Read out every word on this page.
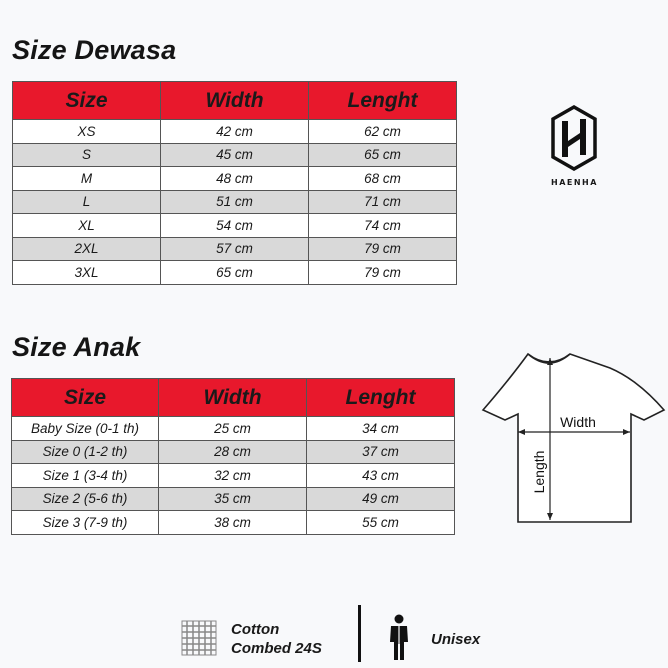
Size Dewasa
Size	Width	Lenght
XS	42 cm	62 cm
S	45 cm	65 cm
M	48 cm	68 cm
L	51 cm	71 cm
XL	54 cm	74 cm
2XL	57 cm	79 cm
3XL	65 cm	79 cm
HAENHA
Size Anak
Size	Width	Lenght
Baby Size (0-1 th)	25 cm	34 cm
Size 0 (1-2 th)	28 cm	37 cm
Size 1 (3-4 th)	32 cm	43 cm
Size 2 (5-6 th)	35 cm	49 cm
Size 3 (7-9 th)	38 cm	55 cm
Width
Length
Cotton
Combed 24S
Unisex
